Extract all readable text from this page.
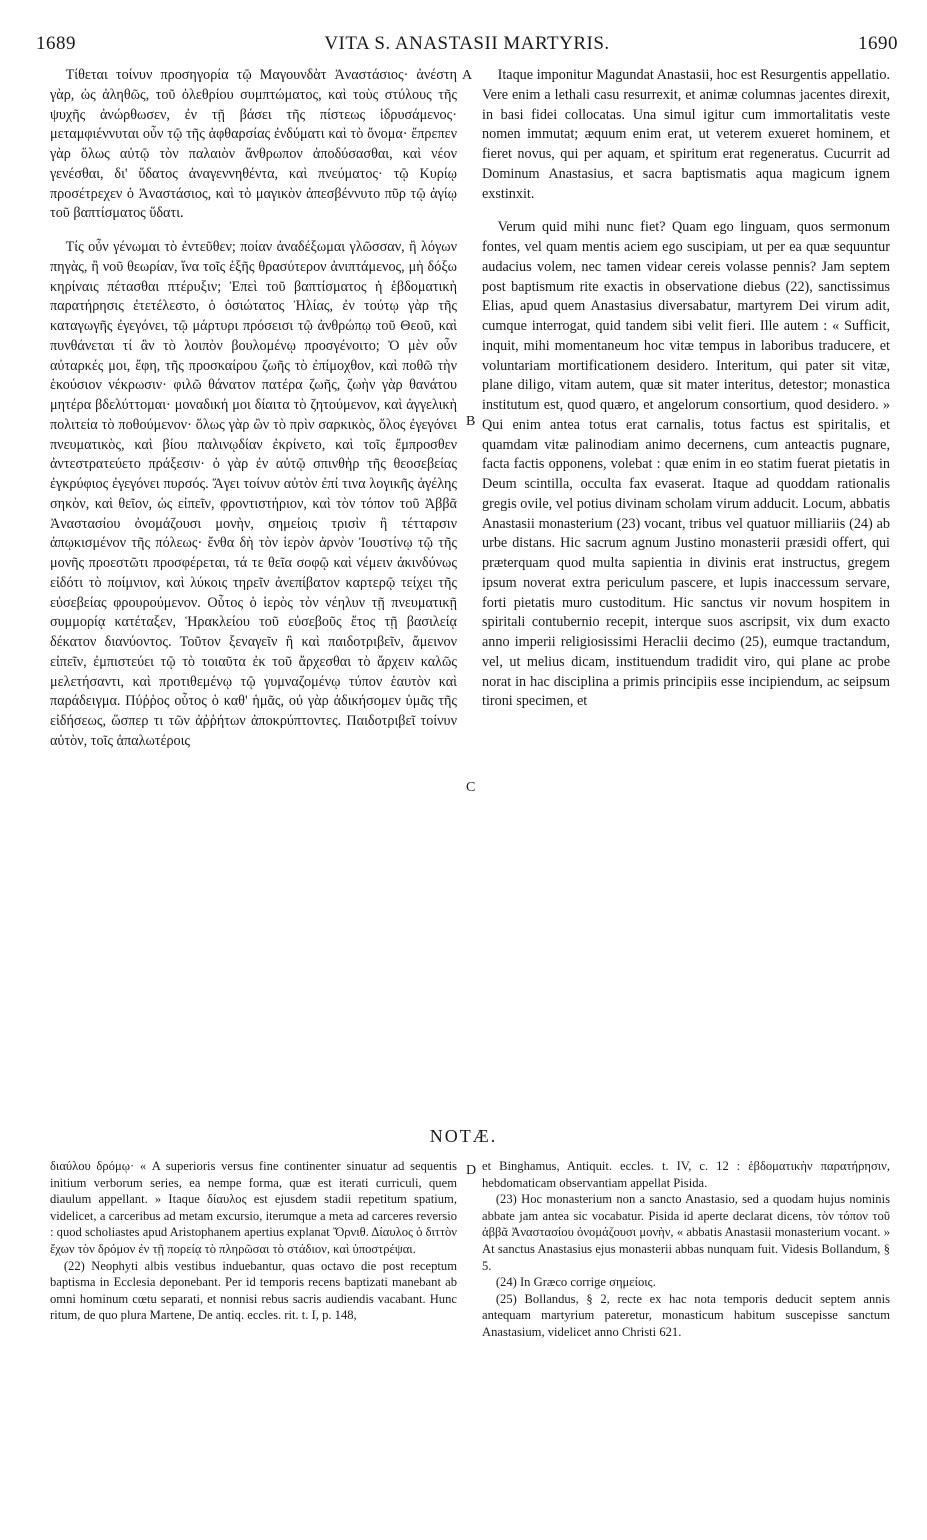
1689	VITA S. ANASTASII MARTYRIS.	1690

Τίθεται τοίνυν προσηγορία τῷ Μαγουνδὰτ Ἀναστάσιος· ἀνέστη γὰρ, ὡς ἀληθῶς, τοῦ ὀλεθρίου συμπτώματος, καὶ τοὺς στύλους τῆς ψυχῆς ἀνώρθωσεν, ἐν τῇ βάσει τῆς πίστεως ἱδρυσάμενος· μεταμφιέννυται οὖν τῷ τῆς ἀφθαρσίας ἐνδύματι καὶ τὸ ὄνομα· ἔπρεπεν γὰρ ὅλως αὐτῷ τὸν παλαιὸν ἄνθρωπον ἀποδύσασθαι, καὶ νέον γενέσθαι, δι' ὕδατος ἀναγεννηθέντα, καὶ πνεύματος· τῷ Κυρίῳ προσέτρεχεν ὁ Ἀναστάσιος, καὶ τὸ μαγικὸν ἀπεσβέννυτο πῦρ τῷ ἁγίῳ τοῦ βαπτίσματος ὕδατι.

Τίς οὖν γένωμαι τὸ ἐντεῦθεν; ποίαν ἀναδέξωμαι γλῶσσαν, ἢ λόγων πηγὰς, ἢ νοῦ θεωρίαν, ἵνα τοῖς ἑξῆς θρασύτερον ἀνιπτάμενος, μὴ δόξω κηρίναις πέτασθαι πτέρυξιν; Ἐπεὶ τοῦ βαπτίσματος ἡ ἑβδοματικὴ παρατήρησις ἐτετέλεστο, ὁ ὁσιώτατος Ἠλίας, ἐν τούτῳ γὰρ τῆς καταγωγῆς ἐγεγόνει, τῷ μάρτυρι πρόσεισι τῷ ἀνθρώπῳ τοῦ Θεοῦ, καὶ πυνθάνεται τί ἂν τὸ λοιπὸν βουλομένῳ προσγένοιτο; Ὁ μὲν οὖν αὐταρκές μοι, ἔφη, τῆς προσκαίρου ζωῆς τὸ ἐπίμοχθον, καὶ ποθῶ τὴν ἑκούσιον νέκρωσιν· φιλῶ θάνατον πατέρα ζωῆς, ζωὴν γὰρ θανάτου μητέρα βδελύττομαι· μοναδική μοι δίαιτα τὸ ζητούμενον, καὶ ἀγγελικὴ πολιτεία τὸ ποθούμενον· ὅλως γὰρ ὢν τὸ πρὶν σαρκικὸς, ὅλος ἐγεγόνει πνευματικὸς, καὶ βίου παλινῳδίαν ἐκρίνετο, καὶ τοῖς ἔμπροσθεν ἀντεστρατεύετο πράξεσιν· ὁ γὰρ ἐν αὐτῷ σπινθὴρ τῆς θεοσεβείας ἐγκρύφιος ἐγεγόνει πυρσός. Ἄγει τοίνυν αὐτὸν ἐπί τινα λογικῆς ἀγέλης σηκὸν, καὶ θεῖον, ὡς εἰπεῖν, φροντιστήριον, καὶ τὸν τόπον τοῦ Ἀββᾶ Ἀναστασίου ὀνομάζουσι μονὴν, σημείοις τρισὶν ἢ τέτταρσιν ἀπῳκισμένον τῆς πόλεως· ἔνθα δὴ τὸν ἱερὸν ἀρνὸν Ἰουστίνῳ τῷ τῆς μονῆς προεστῶτι προσφέρεται, τά τε θεῖα σοφῷ καὶ νέμειν ἀκινδύνως εἰδότι τὸ ποίμνιον, καὶ λύκοις τηρεῖν ἀνεπίβατον καρτερῷ τείχει τῆς εὐσεβείας φρουρούμενον. Οὗτος ὁ ἱερὸς τὸν νέηλυν τῇ πνευματικῇ συμμορίᾳ κατέταξεν, Ἡρακλείου τοῦ εὐσεβοῦς ἔτος τῇ βασιλείᾳ δέκατον διανύοντος. Τοῦτον ξεναγεῖν ἢ καὶ παιδοτριβεῖν, ἄμεινον εἰπεῖν, ἐμπιστεύει τῷ τὸ τοιαῦτα ἐκ τοῦ ἄρχεσθαι τὸ ἄρχειν καλῶς μελετήσαντι, καὶ προτιθεμένῳ τῷ γυμναζομένῳ τύπον ἑαυτὸν καὶ παράδειγμα. Πύῤῥος οὗτος ὁ καθ' ἡμᾶς, οὐ γὰρ ἀδικήσομεν ὑμᾶς τῆς εἰδήσεως, ὥσπερ τι τῶν ἀῤῥήτων ἀποκρύπτοντες. Παιδοτριβεῖ τοίνυν αὐτὸν, τοῖς ἁπαλωτέροις

A
B
C
D

Itaque imponitur Magundat Anastasii, hoc est Resurgentis appellatio. Vere enim a lethali casu resurrexit, et animæ columnas jacentes direxit, in basi fidei collocatas. Una simul igitur cum immortalitatis veste nomen immutat; æquum enim erat, ut veterem exueret hominem, et fieret novus, qui per aquam, et spiritum erat regeneratus. Cucurrit ad Dominum Anastasius, et sacra baptismatis aqua magicum ignem exstinxit.

Verum quid mihi nunc fiet? Quam ego linguam, quos sermonum fontes, vel quam mentis aciem ego suscipiam, ut per ea quæ sequuntur audacius volem, nec tamen videar cereis volasse pennis? Jam septem post baptismum rite exactis in observatione diebus (22), sanctissimus Elias, apud quem Anastasius diversabatur, martyrem Dei virum adit, cumque interrogat, quid tandem sibi velit fieri. Ille autem : « Sufficit, inquit, mihi momentaneum hoc vitæ tempus in laboribus traducere, et voluntariam mortificationem desidero. Interitum, qui pater sit vitæ, plane diligo, vitam autem, quæ sit mater interitus, detestor; monastica institutum est, quod quæro, et angelorum consortium, quod desidero. » Qui enim antea totus erat carnalis, totus factus est spiritalis, et quamdam vitæ palinodiam animo decernens, cum anteactis pugnare, facta factis opponens, volebat : quæ enim in eo statim fuerat pietatis in Deum scintilla, occulta fax evaserat. Itaque ad quoddam rationalis gregis ovile, vel potius divinam scholam virum adducit. Locum, abbatis Anastasii monasterium (23) vocant, tribus vel quatuor milliariis (24) ab urbe distans. Hic sacrum agnum Justino monasterii præsidi offert, qui præterquam quod multa sapientia in divinis erat instructus, gregem ipsum noverat extra periculum pascere, et lupis inaccessum servare, forti pietatis muro custoditum. Hic sanctus vir novum hospitem in spiritali contubernio recepit, interque suos ascripsit, vix dum exacto anno imperii religiosissimi Heraclii decimo (25), eumque tractandum, vel, ut melius dicam, instituendum tradidit viro, qui plane ac probe norat in hac disciplina a primis principiis esse incipiendum, ac seipsum tironi specimen, et

NOTÆ.

διαύλου δρόμῳ· « A superioris versus fine continenter sinuatur ad sequentis initium verborum series, ea nempe forma, quæ est iterati curriculi, quem diaulum appellant. » Itaque δίαυλος est ejusdem stadii repetitum spatium, videlicet, a carceribus ad metam excursio, iterumque a meta ad carceres reversio : quod scholiastes apud Aristophanem apertius explanat Ὄρνιθ. Δίαυλος ὁ διττὸν ἔχων τὸν δρόμον ἐν τῇ πορείᾳ τὸ πληρῶσαι τὸ στάδιον, καὶ ὑποστρέψαι.

(22) Neophyti albis vestibus induebantur, quas octavo die post receptum baptisma in Ecclesia deponebant. Per id temporis recens baptizati manebant ab omni hominum cœtu separati, et nonnisi rebus sacris audiendis vacabant. Hunc ritum, de quo plura Martene, De antiq. eccles. rit. t. I, p. 148,

et Binghamus, Antiquit. eccles. t. IV, c. 12 : ἑβδοματικὴν παρατήρησιν, hebdomaticam observantiam appellat Pisida.

(23) Hoc monasterium non a sancto Anastasio, sed a quodam hujus nominis abbate jam antea sic vocabatur. Pisida id aperte declarat dicens, τὸν τόπον τοῦ ἀββᾶ Ἀναστασίου ὀνομάζουσι μονὴν, « abbatis Anastasii monasterium vocant. » At sanctus Anastasius ejus monasterii abbas nunquam fuit. Videsis Bollandum, § 5.

(24) In Græco corrige σημείοις.

(25) Bollandus, § 2, recte ex hac nota temporis deducit septem annis antequam martyrium pateretur, monasticum habitum suscepisse sanctum Anastasium, videlicet anno Christi 621.
